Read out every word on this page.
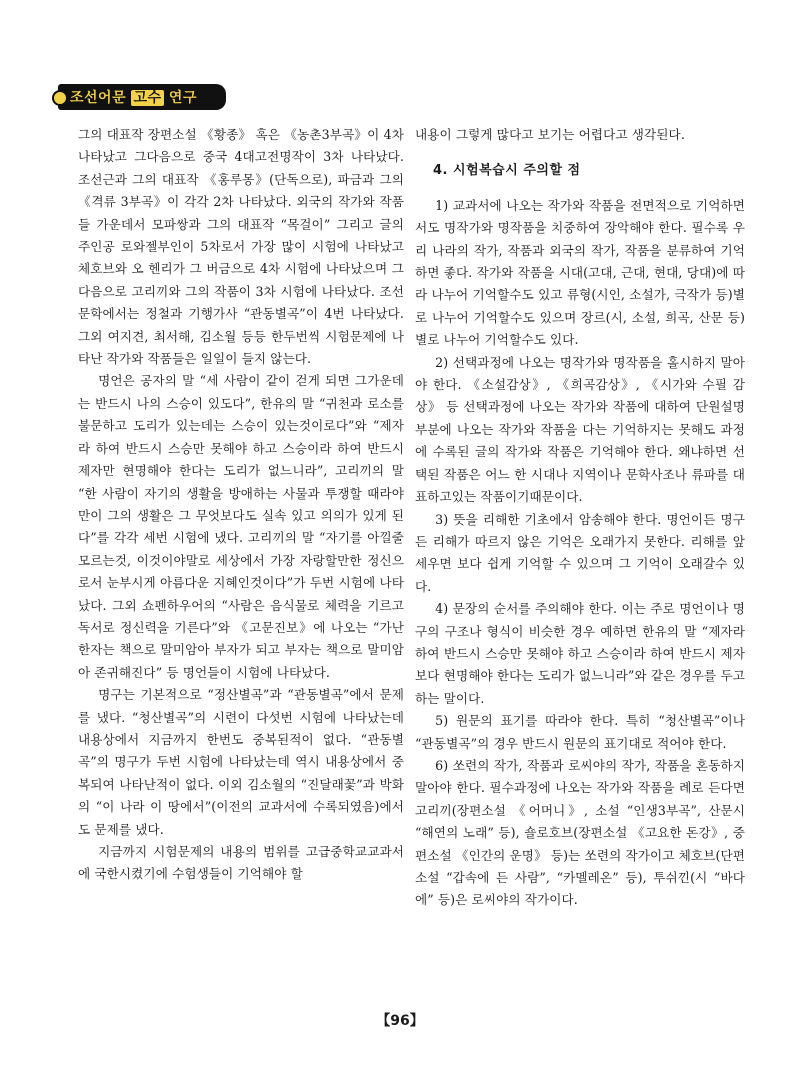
조선어문 고수 연구

그의 대표작 장편소설 《황종》 혹은 《농촌3부곡》이 4차 나타났고 그다음으로 중국 4대고전명작이 3차 나타났다. 조선근과 그의 대표작 《홍루몽》(단독으로), 파금과 그의 《격류 3부곡》이 각각 2차 나타났다. 외국의 작가와 작품들 가운데서 모파쌍과 그의 대표작 “목걸이” 그리고 글의 주인공 로와젤부인이 5차로서 가장 많이 시험에 나타났고 체호브와 오 헨리가 그 버금으로 4차 시험에 나타났으며 그 다음으로 고리끼와 그의 작품이 3차 시험에 나타났다. 조선문학에서는 정철과 기행가사 “관동별곡”이 4번 나타났다. 그외 여지견, 최서해, 김소월 등등 한두번씩 시험문제에 나타난 작가와 작품들은 일일이 들지 않는다.

명언은 공자의 말 “세 사람이 같이 걷게 되면 그가운데는 반드시 나의 스승이 있도다”, 한유의 말 “귀천과 로소를 불문하고 도리가 있는데는 스승이 있는것이로다”와 “제자라 하여 반드시 스승만 못해야 하고 스승이라 하여 반드시 제자만 현명해야 한다는 도리가 없느니라”, 고리끼의 말 “한 사람이 자기의 생활을 방애하는 사물과 투쟁할 때라야만이 그의 생활은 그 무엇보다도 실속 있고 의의가 있게 된다”를 각각 세번 시험에 냈다. 고리끼의 말 “자기를 아낄줄 모르는것, 이것이야말로 세상에서 가장 자랑할만한 정신으로서 눈부시게 아름다운 지혜인것이다”가 두번 시험에 나타났다. 그외 쇼펜하우어의 “사람은 음식물로 체력을 기르고 독서로 정신력을 기른다”와 《고문진보》에 나오는 “가난한자는 책으로 말미암아 부자가 되고 부자는 책으로 말미암아 존귀해진다” 등 명언들이 시험에 나타났다.

명구는 기본적으로 “정산별곡”과 “관동별곡”에서 문제를 냈다. “청산별곡”의 시련이 다섯번 시험에 나타났는데 내용상에서 지금까지 한번도 중복된적이 없다. “관동별곡”의 명구가 두번 시험에 나타났는데 역시 내용상에서 중복되여 나타난적이 없다. 이외 김소월의 “진달래꽃”과 박화의 “이 나라 이 땅에서”(이전의 교과서에 수록되였음)에서도 문제를 냈다.

지금까지 시험문제의 내용의 범위를 고급중학교교과서에 국한시켰기에 수험생들이 기억해야 할

내용이 그렇게 많다고 보기는 어렵다고 생각된다.

4. 시험복습시 주의할 점

1) 교과서에 나오는 작가와 작품을 전면적으로 기억하면서도 명작가와 명작품을 치중하여 장악해야 한다. 필수록 우리 나라의 작가, 작품과 외국의 작가, 작품을 분류하여 기억하면 좋다. 작가와 작품을 시대(고대, 근대, 현대, 당대)에 따라 나누어 기억할수도 있고 류형(시인, 소설가, 극작가 등)별로 나누어 기억할수도 있으며 장르(시, 소설, 희곡, 산문 등)별로 나누어 기억할수도 있다.

2) 선택과정에 나오는 명작가와 명작품을 홀시하지 말아야 한다. 《소설감상》, 《희곡감상》, 《시가와 수필 감상》 등 선택과정에 나오는 작가와 작품에 대하여 단원설명부분에 나오는 작가와 작품을 다는 기억하지는 못해도 과정에 수록된 글의 작가와 작품은 기억해야 한다. 왜냐하면 선택된 작품은 어느 한 시대나 지역이나 문학사조나 류파를 대표하고있는 작품이기때문이다.

3) 뜻을 리해한 기초에서 암송해야 한다. 명언이든 명구든 리해가 따르지 않은 기억은 오래가지 못한다. 리해를 앞세우면 보다 쉽게 기억할 수 있으며 그 기억이 오래갈수 있다.

4) 문장의 순서를 주의해야 한다. 이는 주로 명언이나 명구의 구조나 형식이 비슷한 경우 예하면 한유의 말 “제자라 하여 반드시 스승만 못해야 하고 스승이라 하여 반드시 제자보다 현명해야 한다는 도리가 없느니라”와 같은 경우를 두고 하는 말이다.

5) 원문의 표기를 따라야 한다. 특히 “청산별곡”이나 “관동별곡”의 경우 반드시 원문의 표기대로 적어야 한다.

6) 쏘련의 작가, 작품과 로씨야의 작가, 작품을 혼동하지 말아야 한다. 필수과정에 나오는 작가와 작품을 례로 든다면 고리끼(장편소설 《어머니》, 소설 “인생3부곡”, 산문시 “해연의 노래” 등), 숄로호브(장편소설 《고요한 돈강》, 중편소설 《인간의 운명》 등)는 쏘련의 작가이고 체호브(단편소설 “갑속에 든 사람”, “카멜레온” 등), 투쉬낀(시 “바다에” 등)은 로씨야의 작가이다.

【96】
